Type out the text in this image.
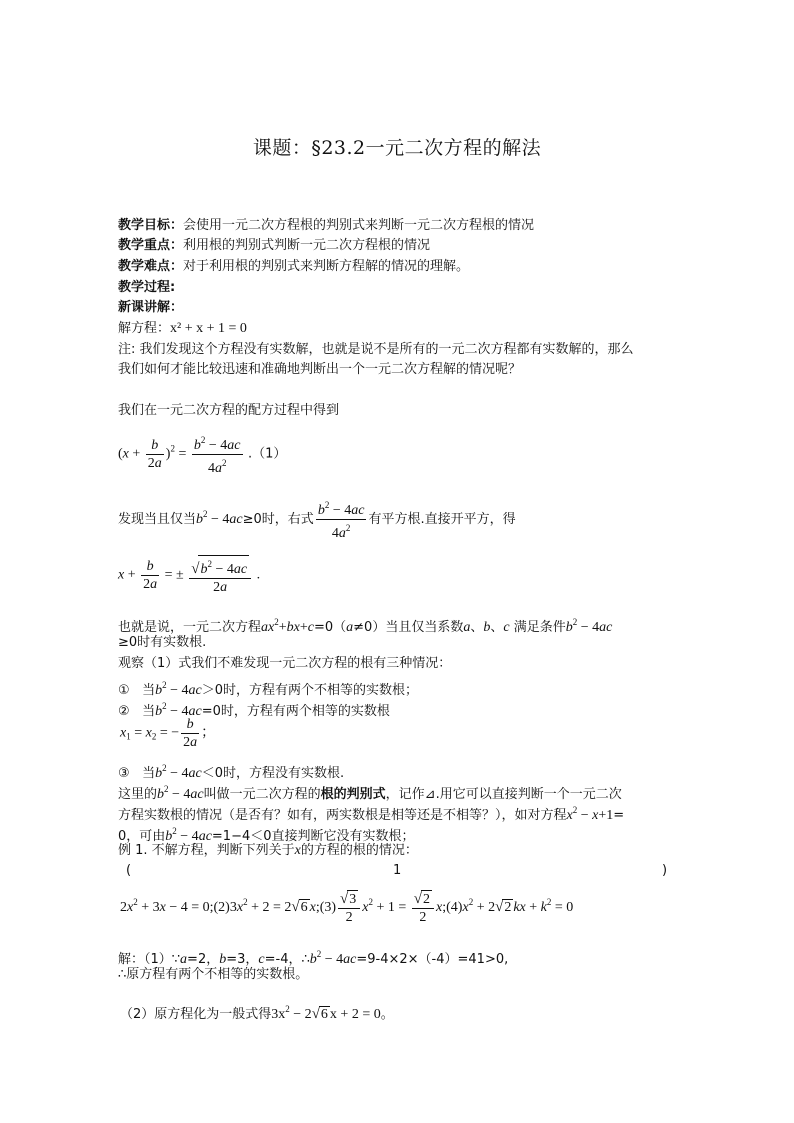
课题：§23.2一元二次方程的解法
教学目标：会使用一元二次方程根的判别式来判断一元二次方程根的情况
教学重点：利用根的判别式判断一元二次方程根的情况
教学难点：对于利用根的判别式来判断方程解的情况的理解。
教学过程:
新课讲解：
解方程：x² + x + 1 = 0
注: 我们发现这个方程没有实数解，也就是说不是所有的一元二次方程都有实数解的，那么
我们如何才能比较迅速和准确地判断出一个一元二次方程解的情况呢？
我们在一元二次方程的配方过程中得到
$(x + \frac{b}{2a} )^2 = \frac{b^2 - 4ac}{4a^2} .(1)$
发现当且仅当$b^2 - 4ac\ge 0$时，右式 $\frac{b^2 - 4ac}{4a^2}$ 有平方根.直接开平方，得
$x + \frac{b}{2a}$ = ± $\frac{√b^2 - 4ac}{2a}$ .
也就是说，一元二次方程$ax^2+bx+c=0(a\ne 0)$当且仅当系数a、b、c 满足条件$b^2 - 4ac$
≥0时有实数根.
观察（1）式我们不难发现一元二次方程的根有三种情况：
① 当$b^2 - 4ac>0$时，方程有两个不相等的实数根；
② 当$b^2 - 4ac=0$时，方程有两个相等的实数根
$x_1 = x_2$ = − $\frac{b}{2a}$ ；
③ 当$b^2 - 4ac<0$时，方程没有实数根.
这里的$b^2 - 4ac$叫做一元二次方程的根的判别式，记作⊿.用它可以直接判断一个一元二次
方程实数根的情况（是否有？如有，两实数根是相等还是不相等？），如对方程$x^2 - x+1=$
0，可由$b^2 - 4ac=1-4<0$直接判断它没有实数根；
例 1. 不解方程，判断下列关于x的方程的根的情况：
(	1	)
$2x^2 + 3x - 4$ = $0;(2)3x^2 + 2 = 2√6$ x;(3) $\frac{√3}{2} x^2 + 1 = \frac{√2}{2}$ $x;(4)x^2 + 2√2$ kx + $k^2 = 0$
解：（1）∵a=2，b=3，c=-4，$\therefore b^2 - 4ac=9-4\times 2\times(-4)=41>0$,
∴原方程有两个不相等的实数根。
（2）原方程化为一般式得$3x^2 - 2√6$ x + 2 = 0。
